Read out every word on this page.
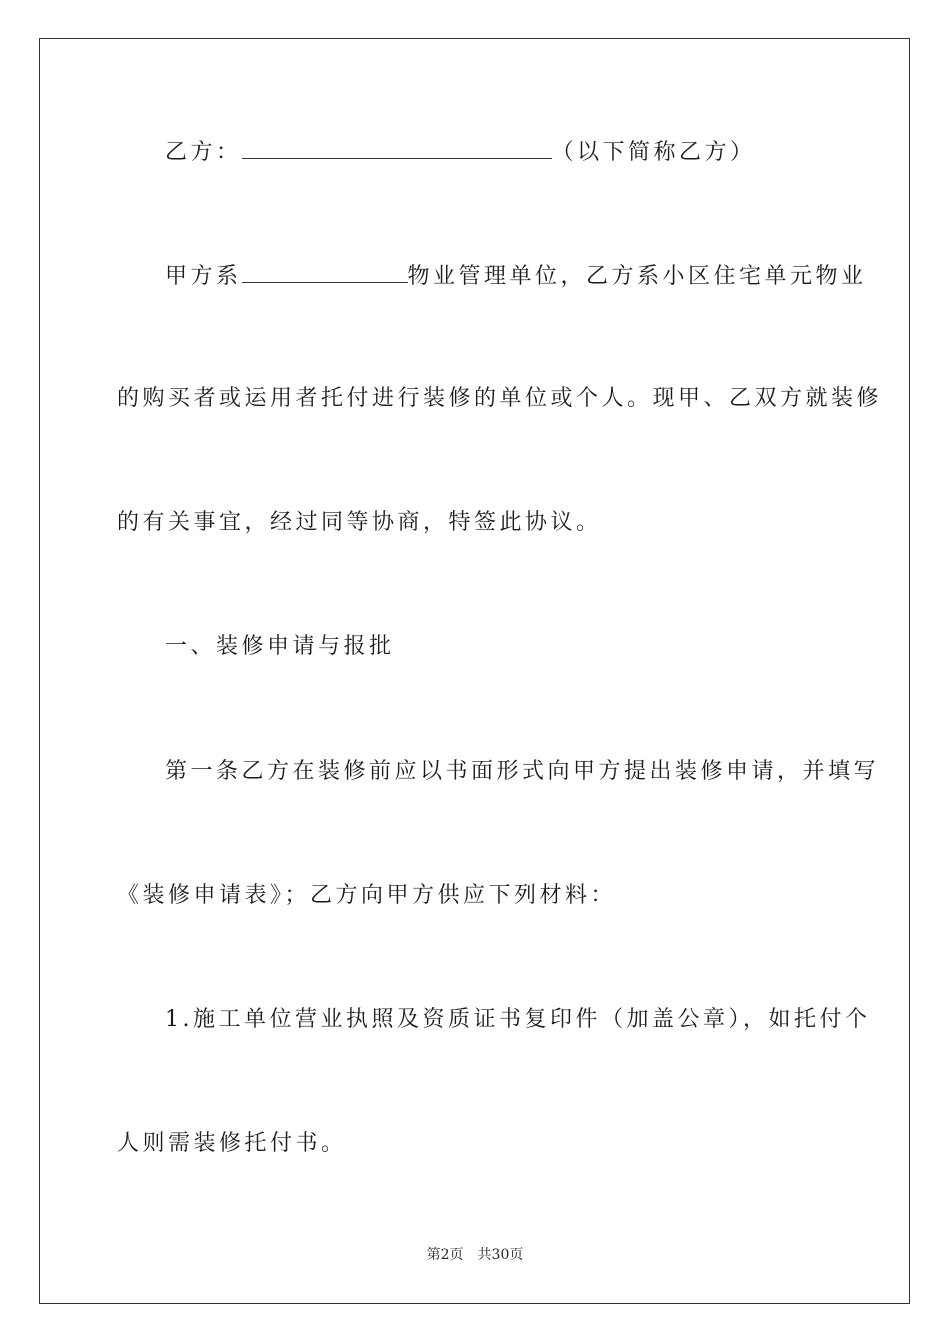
乙方：	（以下简称乙方）
甲方系	物业管理单位，乙方系小区住宅单元物业
的购买者或运用者托付进行装修的单位或个人。现甲、乙双方就装修
的有关事宜，经过同等协商，特签此协议。
一、装修申请与报批
第一条乙方在装修前应以书面形式向甲方提出装修申请，并填写
《装修申请表》；乙方向甲方供应下列材料：
1.施工单位营业执照及资质证书复印件（加盖公章），如托付个
人则需装修托付书。
第2页 共30页
